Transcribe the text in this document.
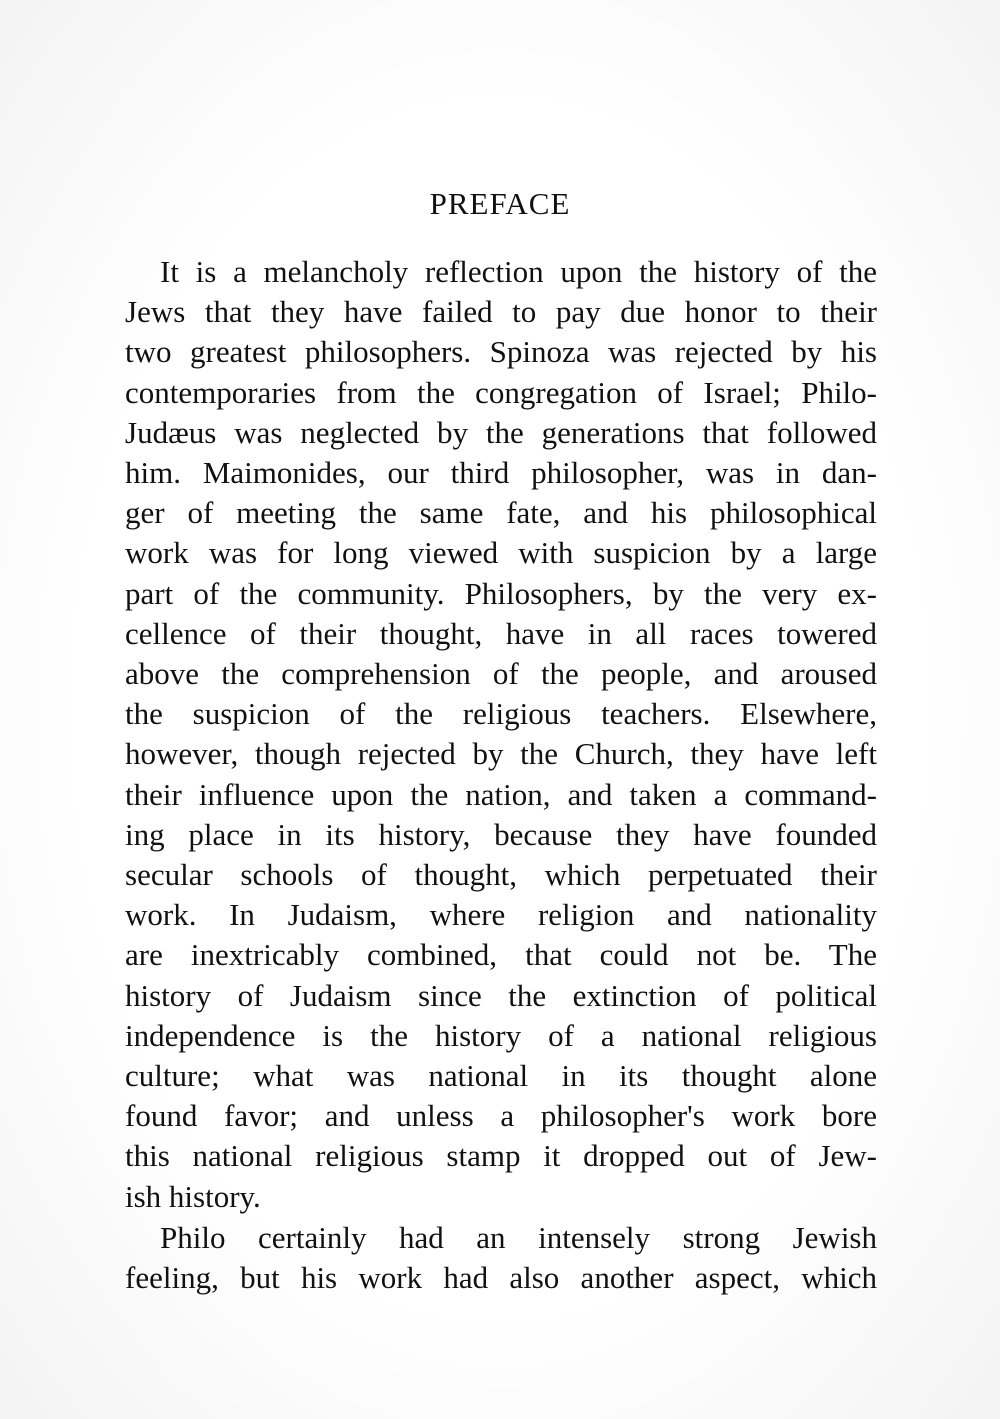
PREFACE
It is a melancholy reflection upon the history of the
Jews that they have failed to pay due honor to their
two greatest philosophers. Spinoza was rejected by his
contemporaries from the congregation of Israel; Philo-
Judæus was neglected by the generations that followed
him. Maimonides, our third philosopher, was in dan-
ger of meeting the same fate, and his philosophical
work was for long viewed with suspicion by a large
part of the community. Philosophers, by the very ex-
cellence of their thought, have in all races towered
above the comprehension of the people, and aroused
the suspicion of the religious teachers. Elsewhere,
however, though rejected by the Church, they have left
their influence upon the nation, and taken a command-
ing place in its history, because they have founded
secular schools of thought, which perpetuated their
work. In Judaism, where religion and nationality
are inextricably combined, that could not be. The
history of Judaism since the extinction of political
independence is the history of a national religious
culture; what was national in its thought alone
found favor; and unless a philosopher's work bore
this national religious stamp it dropped out of Jew-
ish history.
Philo certainly had an intensely strong Jewish
feeling, but his work had also another aspect, which
